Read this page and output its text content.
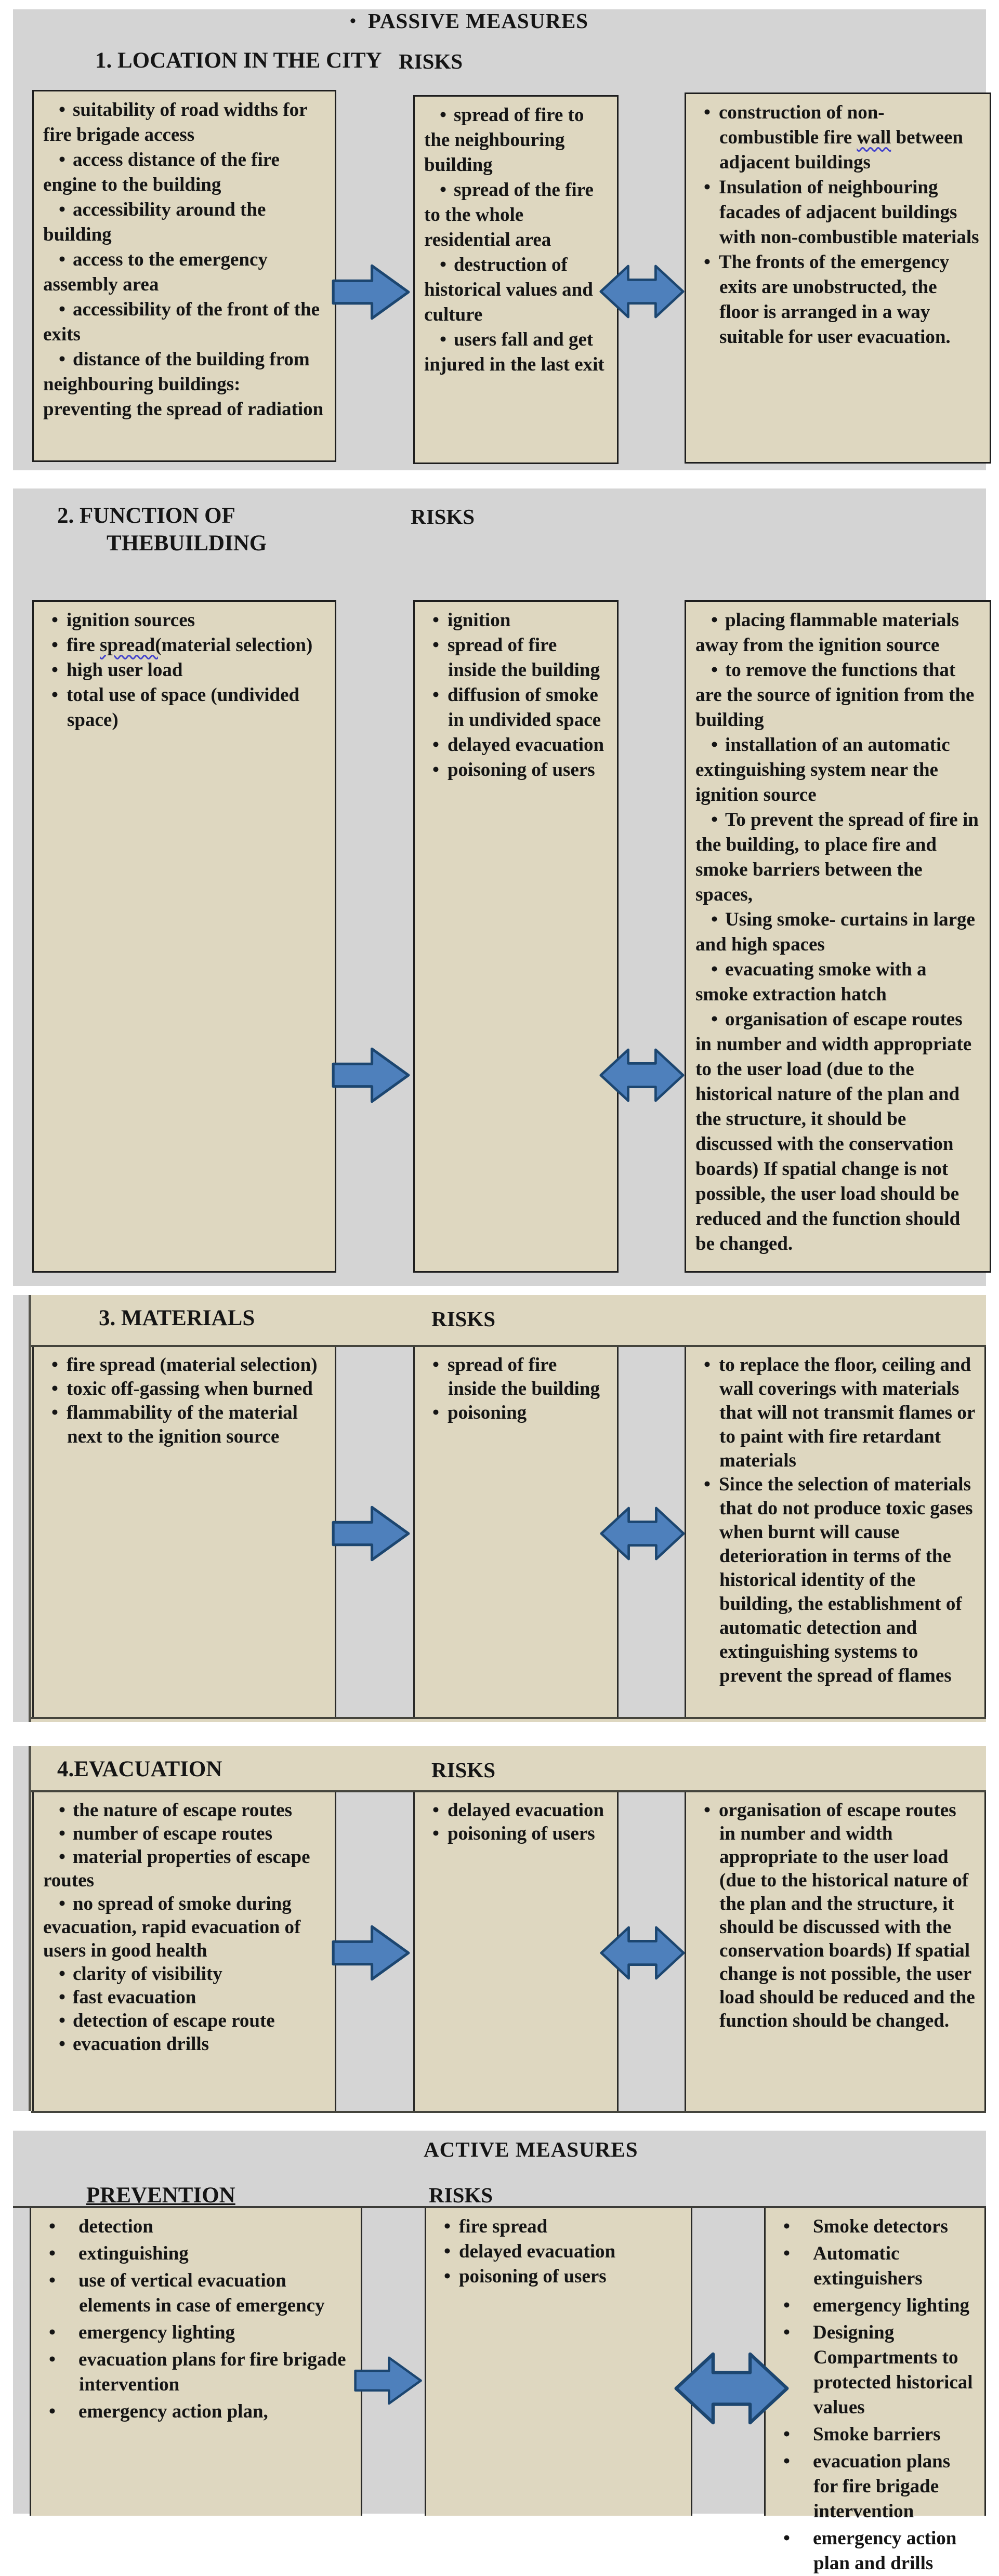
• PASSIVE MEASURES
1. LOCATION IN THE CITY RISKS
• suitability of road widths for fire brigade access
• access distance of the fire engine to the building
• accessibility around the building
• access to the emergency assembly area
• accessibility of the front of the exits
• distance of the building from neighbouring buildings: preventing the spread of radiation
• spread of fire to the neighbouring building
• spread of the fire to the whole residential area
• destruction of historical values and culture
• users fall and get injured in the last exit
• construction of non-combustible fire wall between adjacent buildings
• Insulation of neighbouring facades of adjacent buildings with non-combustible materials
• The fronts of the emergency exits are unobstructed, the floor is arranged in a way suitable for user evacuation.
2. FUNCTION OF
THEBUILDING
RISKS
• ignition sources
• fire spread(material selection)
• high user load
• total use of space (undivided space)
• ignition
• spread of fire inside the building
• diffusion of smoke in undivided space
• delayed evacuation
• poisoning of users
• placing flammable materials away from the ignition source
• to remove the functions that are the source of ignition from the building
• installation of an automatic extinguishing system near the ignition source
• To prevent the spread of fire in the building, to place fire and smoke barriers between the spaces,
• Using smoke- curtains in large and high spaces
• evacuating smoke with a smoke extraction hatch
• organisation of escape routes in number and width appropriate to the user load (due to the historical nature of the plan and the structure, it should be discussed with the conservation boards) If spatial change is not possible, the user load should be reduced and the function should be changed.
3. MATERIALS	RISKS
• fire spread (material selection)
• toxic off-gassing when burned
• flammability of the material next to the ignition source
• spread of fire inside the building
• poisoning
• to replace the floor, ceiling and wall coverings with materials that will not transmit flames or to paint with fire retardant materials
• Since the selection of materials that do not produce toxic gases when burnt will cause deterioration in terms of the historical identity of the building, the establishment of automatic detection and extinguishing systems to prevent the spread of flames
4.EVACUATION	RISKS
• the nature of escape routes
• number of escape routes
• material properties of escape routes
• no spread of smoke during evacuation, rapid evacuation of users in good health
• clarity of visibility
• fast evacuation
• detection of escape route
• evacuation drills
• delayed evacuation
• poisoning of users
• organisation of escape routes in number and width appropriate to the user load (due to the historical nature of the plan and the structure, it should be discussed with the conservation boards) If spatial change is not possible, the user load should be reduced and the function should be changed.
ACTIVE MEASURES
PREVENTION	RISKS
• detection
• extinguishing
• use of vertical evacuation elements in case of emergency
• emergency lighting
• evacuation plans for fire brigade intervention
• emergency action plan,
• fire spread
• delayed evacuation
• poisoning of users
• Smoke detectors
• Automatic extinguishers
• emergency lighting
• Designing Compartments to protected historical values
• Smoke barriers
• evacuation plans for fire brigade intervention
• emergency action plan and drills
